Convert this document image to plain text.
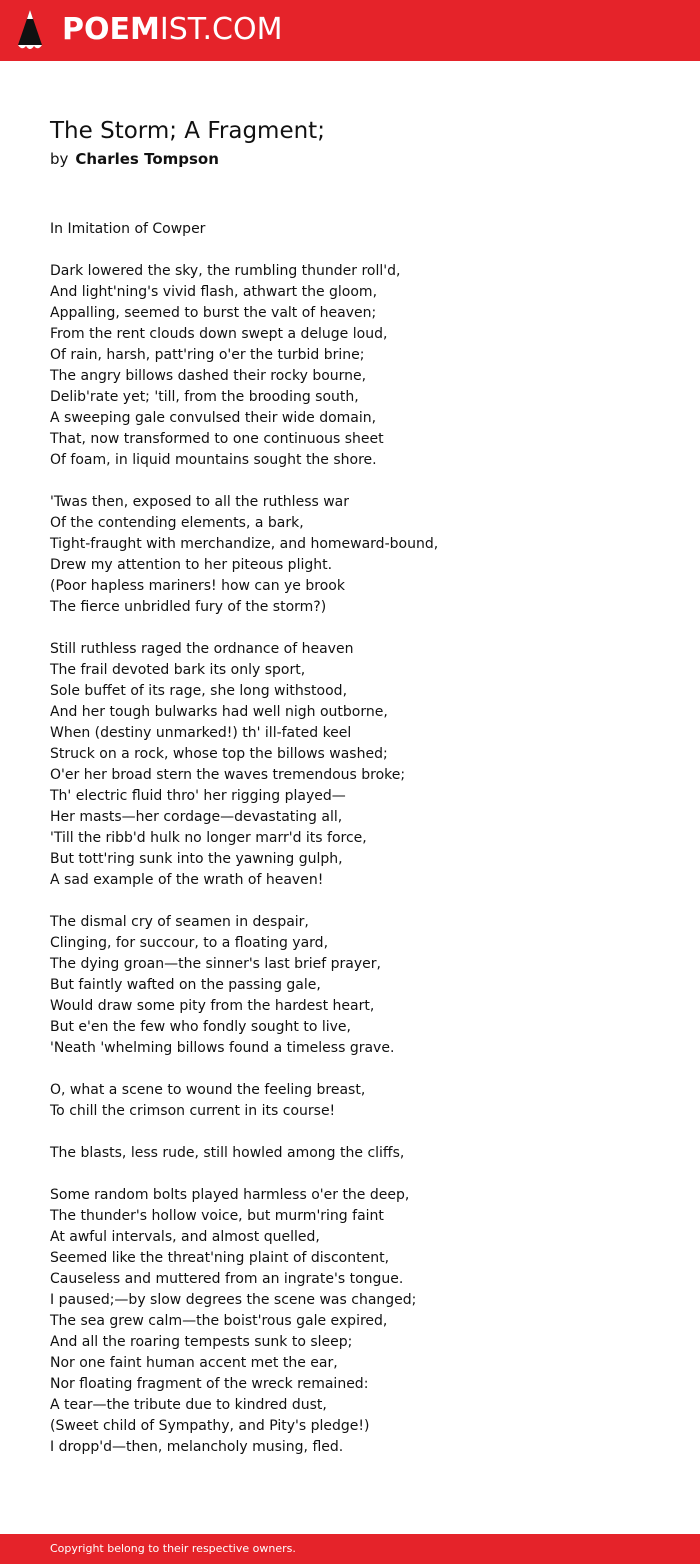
POEMIST.COM
The Storm; A Fragment;
by Charles Tompson
In Imitation of Cowper
Dark lowered the sky, the rumbling thunder roll'd,
And light'ning's vivid flash, athwart the gloom,
Appalling, seemed to burst the valt of heaven;
From the rent clouds down swept a deluge loud,
Of rain, harsh, patt'ring o'er the turbid brine;
The angry billows dashed their rocky bourne,
Delib'rate yet; 'till, from the brooding south,
A sweeping gale convulsed their wide domain,
That, now transformed to one continuous sheet
Of foam, in liquid mountains sought the shore.
'Twas then, exposed to all the ruthless war
Of the contending elements, a bark,
Tight-fraught with merchandize, and homeward-bound,
Drew my attention to her piteous plight.
(Poor hapless mariners! how can ye brook
The fierce unbridled fury of the storm?)
Still ruthless raged the ordnance of heaven
The frail devoted bark its only sport,
Sole buffet of its rage, she long withstood,
And her tough bulwarks had well nigh outborne,
When (destiny unmarked!) th' ill-fated keel
Struck on a rock, whose top the billows washed;
O'er her broad stern the waves tremendous broke;
Th' electric fluid thro' her rigging played—
Her masts—her cordage—devastating all,
'Till the ribb'd hulk no longer marr'd its force,
But tott'ring sunk into the yawning gulph,
A sad example of the wrath of heaven!
The dismal cry of seamen in despair,
Clinging, for succour, to a floating yard,
The dying groan—the sinner's last brief prayer,
But faintly wafted on the passing gale,
Would draw some pity from the hardest heart,
But e'en the few who fondly sought to live,
'Neath 'whelming billows found a timeless grave.
O, what a scene to wound the feeling breast,
To chill the crimson current in its course!
The blasts, less rude, still howled among the cliffs,
Some random bolts played harmless o'er the deep,
The thunder's hollow voice, but murm'ring faint
At awful intervals, and almost quelled,
Seemed like the threat'ning plaint of discontent,
Causeless and muttered from an ingrate's tongue.
I paused;—by slow degrees the scene was changed;
The sea grew calm—the boist'rous gale expired,
And all the roaring tempests sunk to sleep;
Nor one faint human accent met the ear,
Nor floating fragment of the wreck remained:
A tear—the tribute due to kindred dust,
(Sweet child of Sympathy, and Pity's pledge!)
I dropp'd—then, melancholy musing, fled.
Copyright belong to their respective owners.
